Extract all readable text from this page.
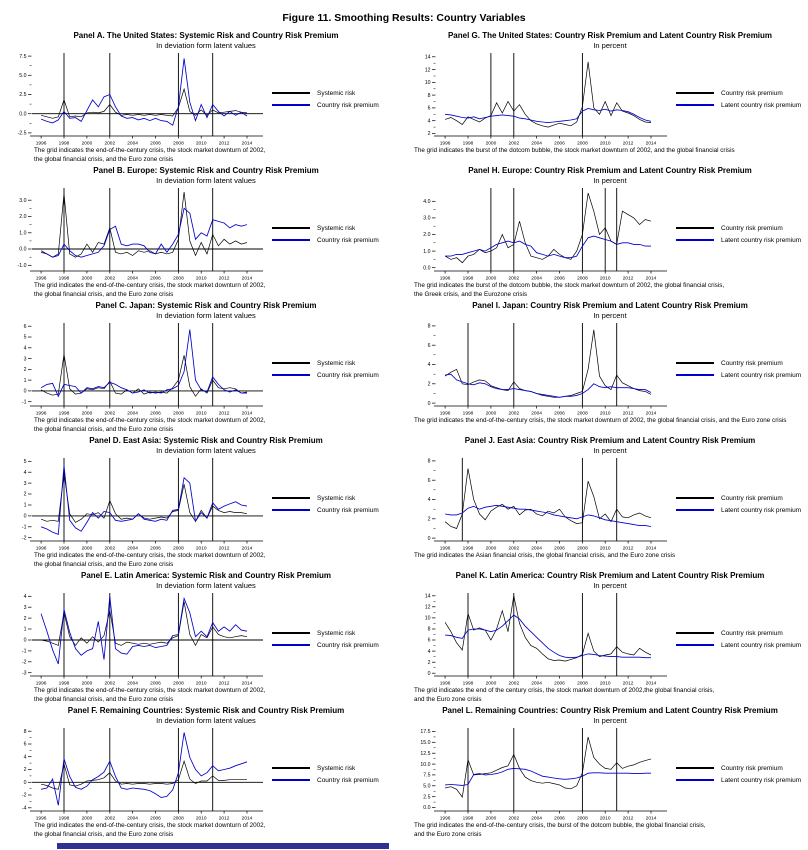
Figure 11. Smoothing Results: Country Variables
Panel A. The United States: Systemic Risk and Country Risk Premium
In deviation form latent values
1996	1998	2000	2002	2004	2006	2008	2010	2012	2014
7.5
5.0
2.5
0.0
-2.5
Systemic risk
Country risk premium
The grid indicates the end-of-the-century crisis, the stock market downturn of 2002,
the global financial crisis, and the Euro zone crisis
Panel G. The United States: Country Risk Premium and Latent Country Risk Premium
In percent
1996	1998	2000	2002	2004	2006	2008	2010	2012	2014
14
12
10
8
6
4
2
Country risk premium
Latent country risk premium
The grid indicates the burst of the dotcom bubble, the stock market downturn of 2002, and the global financial crisis
Panel B. Europe: Systemic Risk and Country Risk Premium
In deviation form latent values
1996	1998	2000	2002	2004	2006	2008	2010	2012	2014
3.0
2.0
1.0
0.0
-1.0
Systemic risk
Country risk premium
The grid indicates the end-of-the-century crisis, the stock market downturn of 2002,
the global financial crisis, and the Euro zone crisis
Panel H. Europe: Country Risk Premium and Latent Country Risk Premium
In percent
1996	1998	2000	2002	2004	2006	2008	2010	2012	2014
4.0
3.0
2.0
1.0
0.0
Country risk premium
Latent country risk premium
The grid indicates the burst of the dotcom bubble, the stock market downturn of 2002, the global financial crisis,
the Greek crisis, and the Eurozone crisis
Panel C. Japan: Systemic Risk and Country Risk Premium
In deviation form latent values
1996	1998	2000	2002	2004	2006	2008	2010	2012	2014
6
5
4
3
2
1
0
-1
Systemic risk
Country risk premium
The grid indicates the end-of-the-century crisis, the stock market downturn of 2002,
the global financial crisis, and the Euro zone crisis
Panel I. Japan: Country Risk Premium and Latent Country Risk Premium
In percent
1996	1998	2000	2002	2004	2006	2008	2010	2012	2014
8
6
4
2
0
Country risk premium
Latent country risk premium
The grid indicates the end-of-the-century crisis, the stock market downturn of 2002, the global financial crisis, and the Euro zone crisis
Panel D. East Asia: Systemic Risk and Country Risk Premium
In deviation form latent values
1996	1998	2000	2002	2004	2006	2008	2010	2012	2014
5
4
3
2
1
0
-1
-2
Systemic risk
Country risk premium
The grid indicates the end-of-the-century crisis, the stock market downturn of 2002,
the global financial crisis, and the Euro zone crisis
Panel J. East Asia: Country Risk Premium and Latent Country Risk Premium
In percent
1996	1998	2000	2002	2004	2006	2008	2010	2012	2014
8
6
4
2
0
Country risk premium
Latent country risk premium
The grid indicates the Asian financial crisis, the global financial crisis, and the Euro zone crisis
Panel E. Latin America: Systemic Risk and Country Risk Premium
In deviation form latent values
1996	1998	2000	2002	2004	2006	2008	2010	2012	2014
4
3
2
1
0
-1
-2
-3
Systemic risk
Country risk premium
The grid indicates the end-of-the-century crisis, the stock market downturn of 2002,
the global financial crisis, and the Euro zone crisis
Panel K. Latin America: Country Risk Premium and Latent Country Risk Premium
In percent
1996	1998	2000	2002	2004	2006	2008	2010	2012	2014
14
12
10
8
6
4
2
0
Country risk premium
Latent country risk premium
The grid indicates the end of the century crisis, the stock market downturn of 2002,the global financial crisis,
and the Euro zone crisis
Panel F. Remaining Countries: Systemic Risk and Country Risk Premium
In deviation form latent values
1996	1998	2000	2002	2004	2006	2008	2010	2012	2014
8
6
4
2
0
-2
-4
Systemic risk
Country risk premium
The grid indicates the end-of-the-century crisis, the stock market downturn of 2002,
the global financial crisis, and the Euro zone crisis
Panel L. Remaining Countries: Country Risk Premium and Latent Country Risk Premium
In percent
1996	1998	2000	2002	2004	2006	2008	2010	2012	2014
17.5
15.0
12.5
10.0
7.5
5.0
2.5
0.0
Country risk premium
Latent country risk premium
The grid indicates the end-of-the-century crisis, the burst of the dotcom bubble, the global financial crisis,
and the Euro zone crisis
